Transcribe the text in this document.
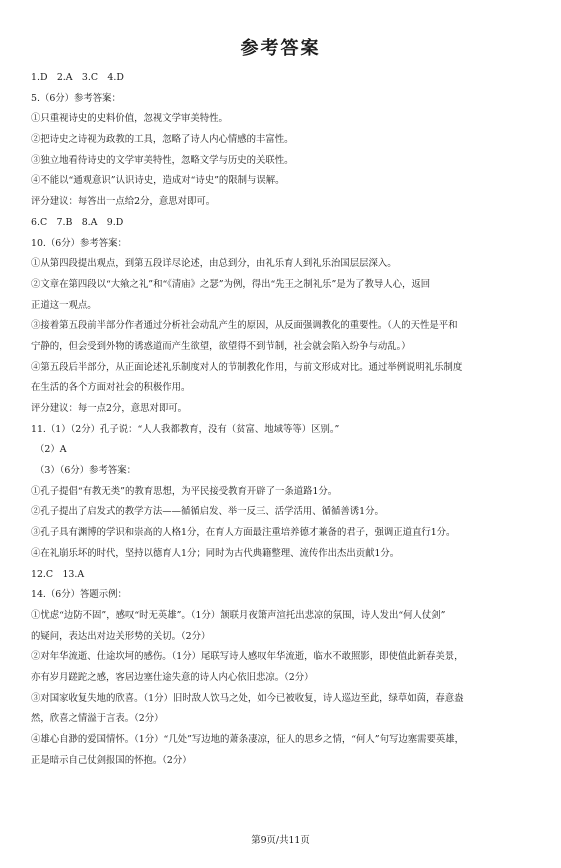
参考答案
1.D　2.A　3.C　4.D
5.（6分）参考答案：
①只重视诗史的史料价值，忽视文学审美特性。
②把诗史之诗视为政教的工具，忽略了诗人内心情感的丰富性。
③独立地看待诗史的文学审美特性，忽略文学与历史的关联性。
④不能以“通观意识”认识诗史，造成对“诗史”的限制与误解。
评分建议：每答出一点给2分，意思对即可。
6.C　7.B　8.A　9.D
10.（6分）参考答案：
①从第四段提出观点，到第五段详尽论述，由总到分，由礼乐育人到礼乐治国层层深入。
②文章在第四段以“大飨之礼”和“《清庙》之瑟”为例，得出“先王之制礼乐”是为了教导人心，返回
正道这一观点。
③接着第五段前半部分作者通过分析社会动乱产生的原因，从反面强调教化的重要性。（人的天性是平和
宁静的，但会受到外物的诱惑道而产生欲望，欲望得不到节制，社会就会陷入纷争与动乱。）
④第五段后半部分，从正面论述礼乐制度对人的节制教化作用，与前文形成对比。通过举例说明礼乐制度
在生活的各个方面对社会的积极作用。
评分建议：每一点2分，意思对即可。
11.（1）（2分）孔子说：“人人我都教育，没有（贫富、地域等等）区别。”
（2）A
（3）（6分）参考答案：
①孔子提倡“有教无类”的教育思想，为平民接受教育开辟了一条道路1分。
②孔子提出了启发式的教学方法——循循启发、举一反三、活学活用、循循善诱1分。
③孔子具有渊博的学识和崇高的人格1分，在育人方面最注重培养德才兼备的君子，强调正道直行1分。
④在礼崩乐坏的时代，坚持以德育人1分；同时为古代典籍整理、流传作出杰出贡献1分。
12.C　13.A
14.（6分）答题示例：
①忧虑“边防不固”，感叹“时无英雄”。（1分）颔联月夜箫声渲托出悲凉的氛围，诗人发出“何人仗剑”
的疑问，表达出对边关形势的关切。（2分）
②对年华流逝、仕途坎坷的感伤。（1分）尾联写诗人感叹年华流逝，临水不敢照影，即使值此新春美景，
亦有岁月蹉跎之感，客居边塞仕途失意的诗人内心依旧悲凉。（2分）
③对国家收复失地的欣喜。（1分）旧时敌人饮马之处，如今已被收复，诗人巡边至此，绿草如茵，春意盎
然，欣喜之情溢于言表。（2分）
④雄心自渺的爱国情怀。（1分）“几处”写边地的萧条凄凉，征人的思乡之情，“何人”句写边塞需要英雄，
正是暗示自己仗剑报国的怀抱。（2分）
第9页/共11页
